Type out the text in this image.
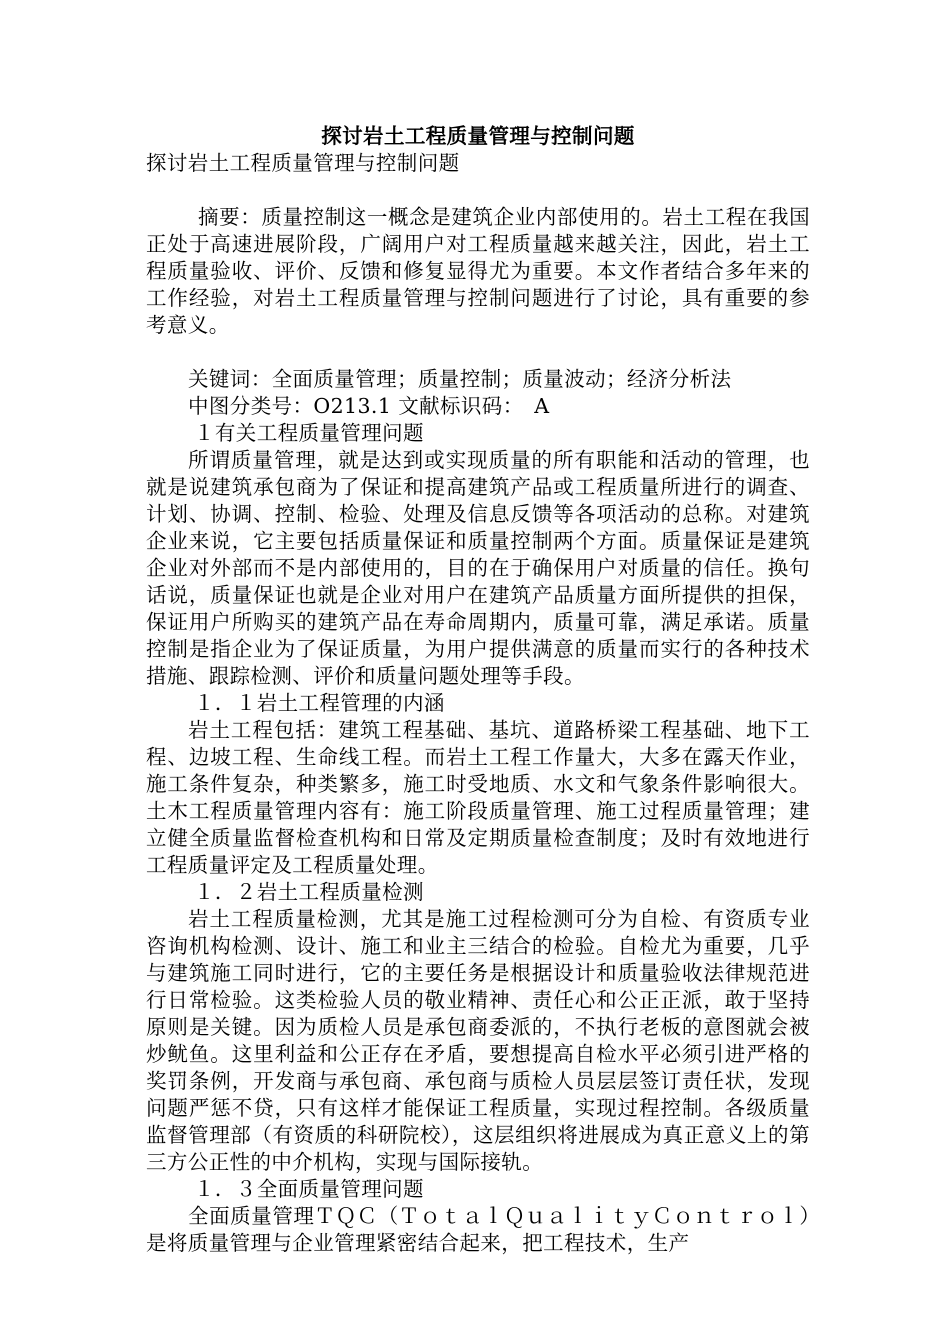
探讨岩土工程质量管理与控制问题

探讨岩土工程质量管理与控制问题

摘要：质量控制这一概念是建筑企业内部使用的。岩土工程在我国正处于高速进展阶段，广阔用户对工程质量越来越关注，因此，岩土工程质量验收、评价、反馈和修复显得尤为重要。本文作者结合多年来的工作经验，对岩土工程质量管理与控制问题进行了讨论，具有重要的参考意义。

关键词：全面质量管理；质量控制；质量波动；经济分析法

中图分类号：O213.1 文献标识码：　A

１有关工程质量管理问题

所谓质量管理，就是达到或实现质量的所有职能和活动的管理，也就是说建筑承包商为了保证和提高建筑产品或工程质量所进行的调查、计划、协调、控制、检验、处理及信息反馈等各项活动的总称。对建筑企业来说，它主要包括质量保证和质量控制两个方面。质量保证是建筑企业对外部而不是内部使用的，目的在于确保用户对质量的信任。换句话说，质量保证也就是企业对用户在建筑产品质量方面所提供的担保，保证用户所购买的建筑产品在寿命周期内，质量可靠，满足承诺。质量控制是指企业为了保证质量，为用户提供满意的质量而实行的各种技术措施、跟踪检测、评价和质量问题处理等手段。

１．１岩土工程管理的内涵

岩土工程包括：建筑工程基础、基坑、道路桥梁工程基础、地下工程、边坡工程、生命线工程。而岩土工程工作量大，大多在露天作业，施工条件复杂，种类繁多，施工时受地质、水文和气象条件影响很大。土木工程质量管理内容有：施工阶段质量管理、施工过程质量管理；建立健全质量监督检查机构和日常及定期质量检查制度；及时有效地进行工程质量评定及工程质量处理。

１．２岩土工程质量检测

岩土工程质量检测，尤其是施工过程检测可分为自检、有资质专业咨询机构检测、设计、施工和业主三结合的检验。自检尤为重要，几乎与建筑施工同时进行，它的主要任务是根据设计和质量验收法律规范进行日常检验。这类检验人员的敬业精神、责任心和公正正派，敢于坚持原则是关键。因为质检人员是承包商委派的，不执行老板的意图就会被炒鱿鱼。这里利益和公正存在矛盾，要想提高自检水平必须引进严格的奖罚条例，开发商与承包商、承包商与质检人员层层签订责任状，发现问题严惩不贷，只有这样才能保证工程质量，实现过程控制。各级质量监督管理部（有资质的科研院校），这层组织将进展成为真正意义上的第三方公正性的中介机构，实现与国际接轨。

１．３全面质量管理问题

全面质量管理ＴＱＣ（ＴｏｔａｌＱｕａｌｉｔｙＣｏｎｔｒｏｌ）是将质量管理与企业管理紧密结合起来，把工程技术，生产
